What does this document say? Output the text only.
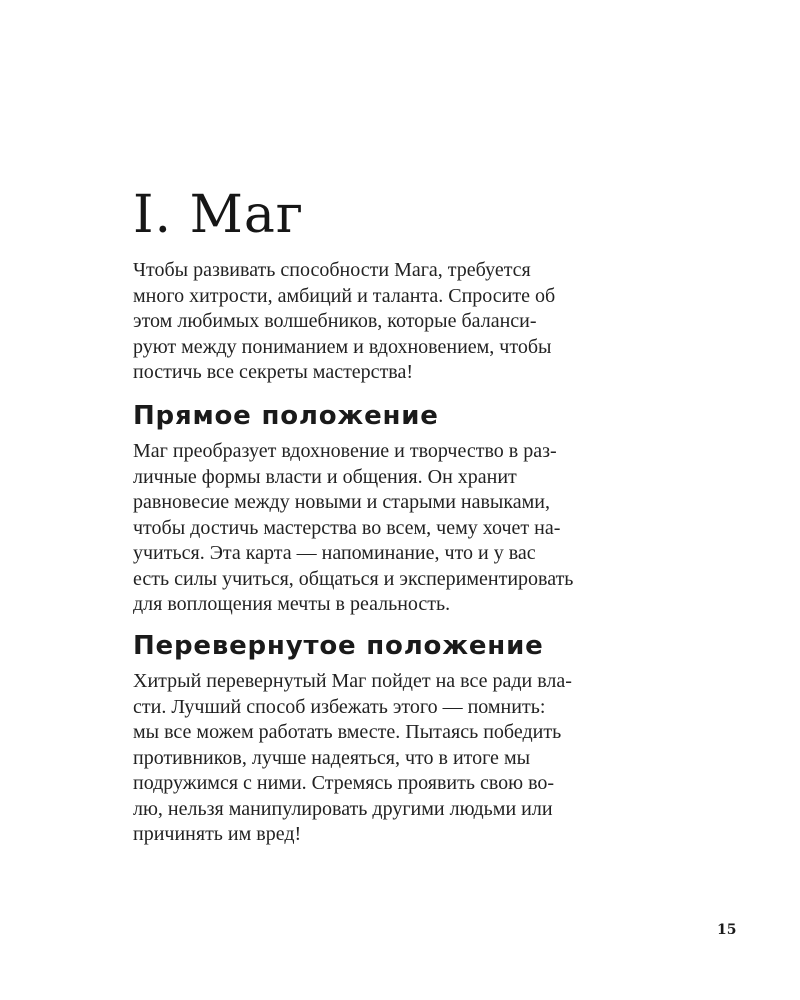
I. Маг

Чтобы развивать способности Мага, требуется
много хитрости, амбиций и таланта. Спросите об
этом любимых волшебников, которые баланси-
руют между пониманием и вдохновением, чтобы
постичь все секреты мастерства!

Прямое положение

Маг преобразует вдохновение и творчество в раз-
личные формы власти и общения. Он хранит
равновесие между новыми и старыми навыками,
чтобы достичь мастерства во всем, чему хочет на-
учиться. Эта карта — напоминание, что и у вас
есть силы учиться, общаться и экспериментировать
для воплощения мечты в реальность.

Перевернутое положение

Хитрый перевернутый Маг пойдет на все ради вла-
сти. Лучший способ избежать этого — помнить:
мы все можем работать вместе. Пытаясь победить
противников, лучше надеяться, что в итоге мы
подружимся с ними. Стремясь проявить свою во-
лю, нельзя манипулировать другими людьми или
причинять им вред!

15
